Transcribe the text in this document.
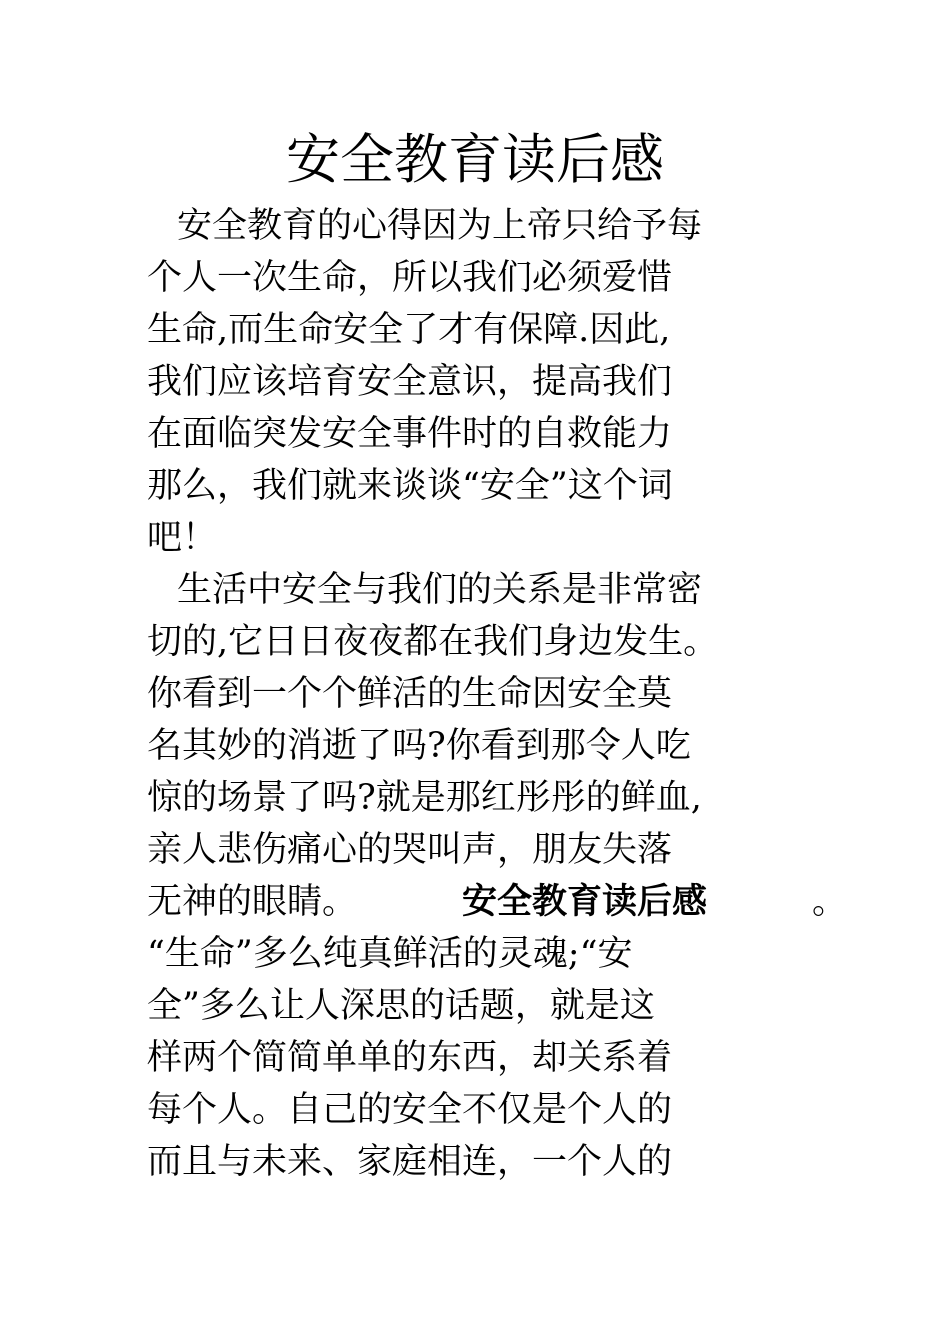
安全教育读后感
安全教育的心得因为上帝只给予每
个人一次生命，所以我们必须爱惜
生命,而生命安全了才有保障.因此,
我们应该培育安全意识，提高我们
在面临突发安全事件时的自救能力
那么，我们就来谈谈“安全”这个词
吧！
生活中安全与我们的关系是非常密
切的,它日日夜夜都在我们身边发生。
你看到一个个鲜活的生命因安全莫
名其妙的消逝了吗?你看到那令人吃
惊的场景了吗?就是那红彤彤的鲜血,
亲人悲伤痛心的哭叫声，朋友失落
无神的眼睛。	安全教育读后感	。
“生命”多么纯真鲜活的灵魂;“安
全”多么让人深思的话题，就是这
样两个简简单单的东西，却关系着
每个人。自己的安全不仅是个人的
而且与未来、家庭相连，一个人的
